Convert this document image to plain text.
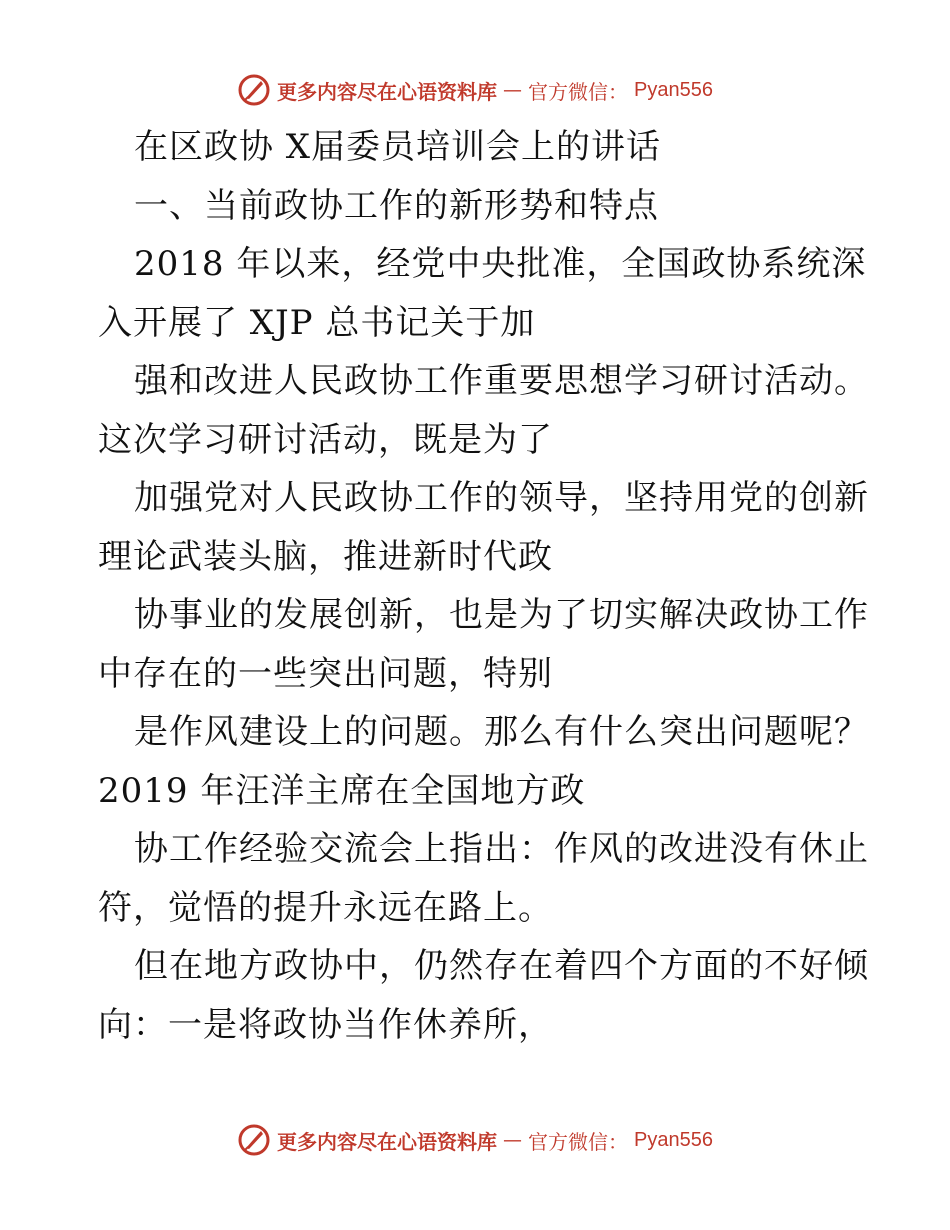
更多内容尽在心语资料库 — 官方微信： Pyan556
在区政协 X届委员培训会上的讲话
一、当前政协工作的新形势和特点
2018 年以来，经党中央批准，全国政协系统深
入开展了 XJP 总书记关于加
强和改进人民政协工作重要思想学习研讨活动。
这次学习研讨活动，既是为了
加强党对人民政协工作的领导，坚持用党的创新
理论武装头脑，推进新时代政
协事业的发展创新，也是为了切实解决政协工作
中存在的一些突出问题，特别
是作风建设上的问题。那么有什么突出问题呢？
2019 年汪洋主席在全国地方政
协工作经验交流会上指出：作风的改进没有休止
符，觉悟的提升永远在路上。
但在地方政协中，仍然存在着四个方面的不好倾
向：一是将政协当作休养所，
更多内容尽在心语资料库 — 官方微信： Pyan556
